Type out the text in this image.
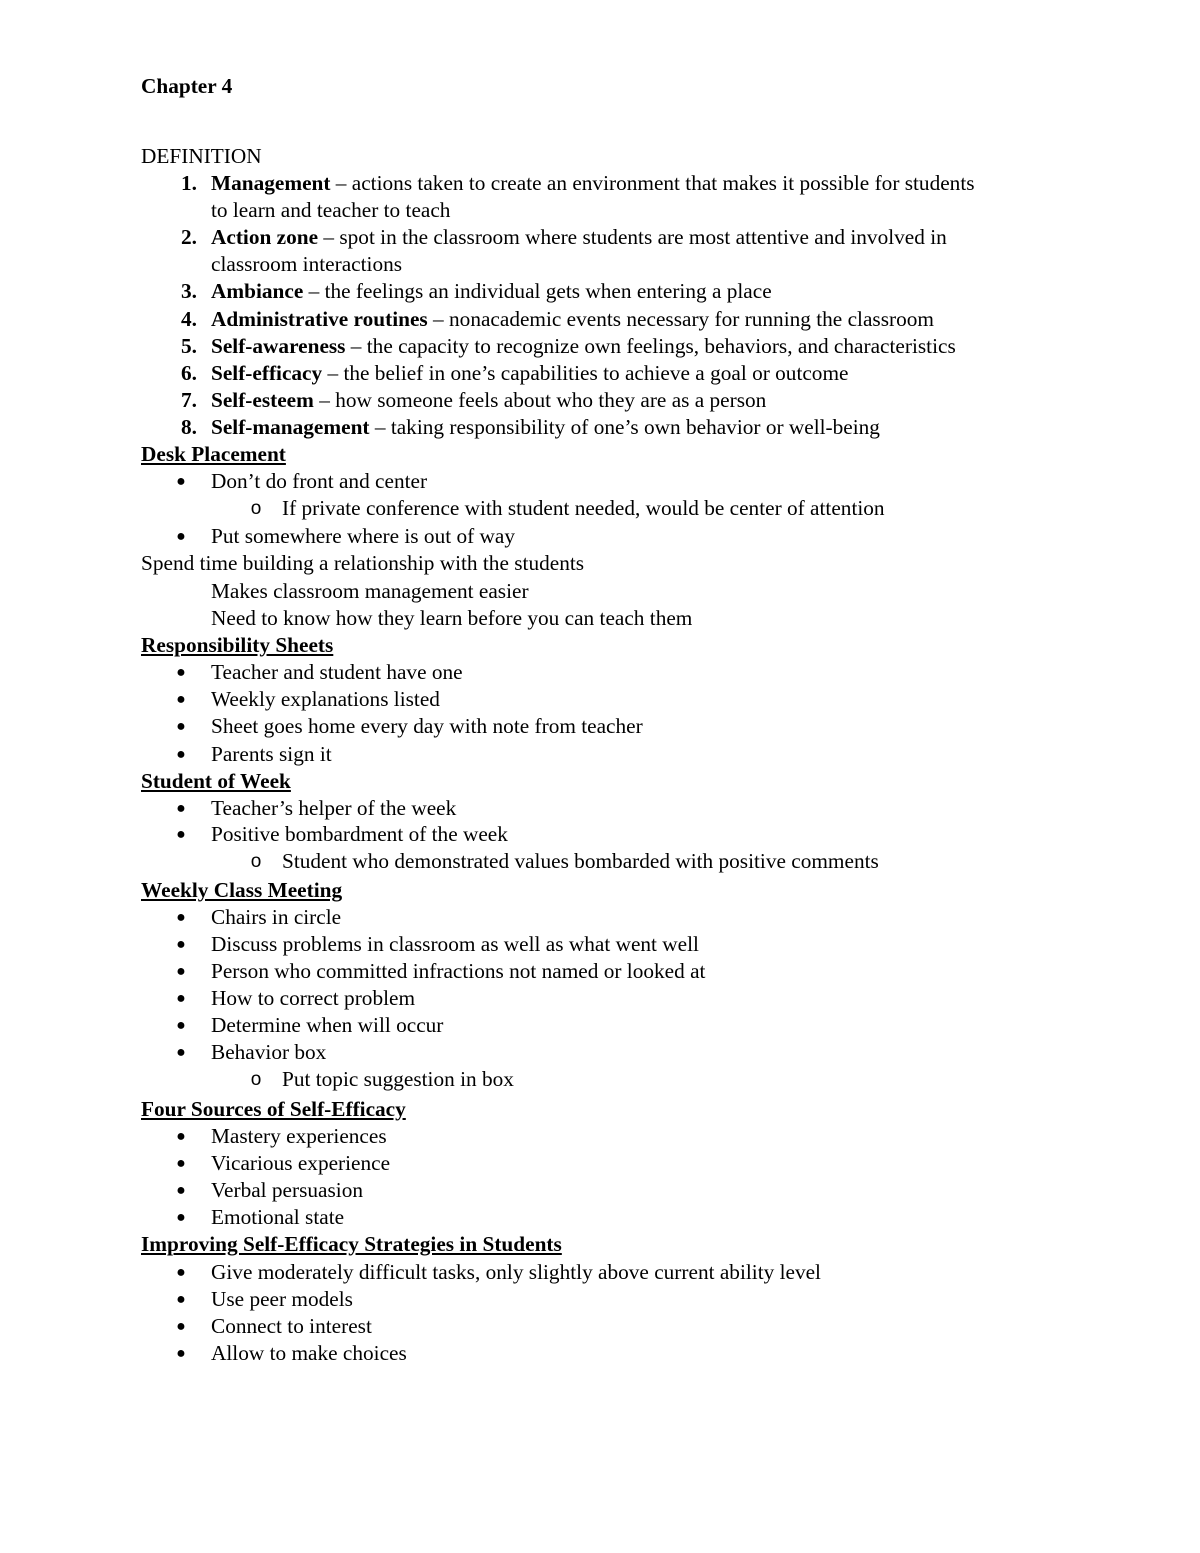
Chapter 4
DEFINITION
1. Management – actions taken to create an environment that makes it possible for students
to learn and teacher to teach
2. Action zone – spot in the classroom where students are most attentive and involved in
classroom interactions
3. Ambiance – the feelings an individual gets when entering a place
4. Administrative routines – nonacademic events necessary for running the classroom
5. Self-awareness – the capacity to recognize own feelings, behaviors, and characteristics
6. Self-efficacy – the belief in one’s capabilities to achieve a goal or outcome
7. Self-esteem – how someone feels about who they are as a person
8. Self-management – taking responsibility of one’s own behavior or well-being
Desk Placement
●	Don’t do front and center
o If private conference with student needed, would be center of attention
●	Put somewhere where is out of way
Spend time building a relationship with the students
Makes classroom management easier
Need to know how they learn before you can teach them
Responsibility Sheets
●	Teacher and student have one
●	Weekly explanations listed
●	Sheet goes home every day with note from teacher
●	Parents sign it
Student of Week
●	Teacher’s helper of the week
●	Positive bombardment of the week
o Student who demonstrated values bombarded with positive comments
Weekly Class Meeting
●	Chairs in circle
●	Discuss problems in classroom as well as what went well
●	Person who committed infractions not named or looked at
●	How to correct problem
●	Determine when will occur
●	Behavior box
o Put topic suggestion in box
Four Sources of Self-Efficacy
●	Mastery experiences
●	Vicarious experience
●	Verbal persuasion
●	Emotional state
Improving Self-Efficacy Strategies in Students
●	Give moderately difficult tasks, only slightly above current ability level
●	Use peer models
●	Connect to interest
●	Allow to make choices
